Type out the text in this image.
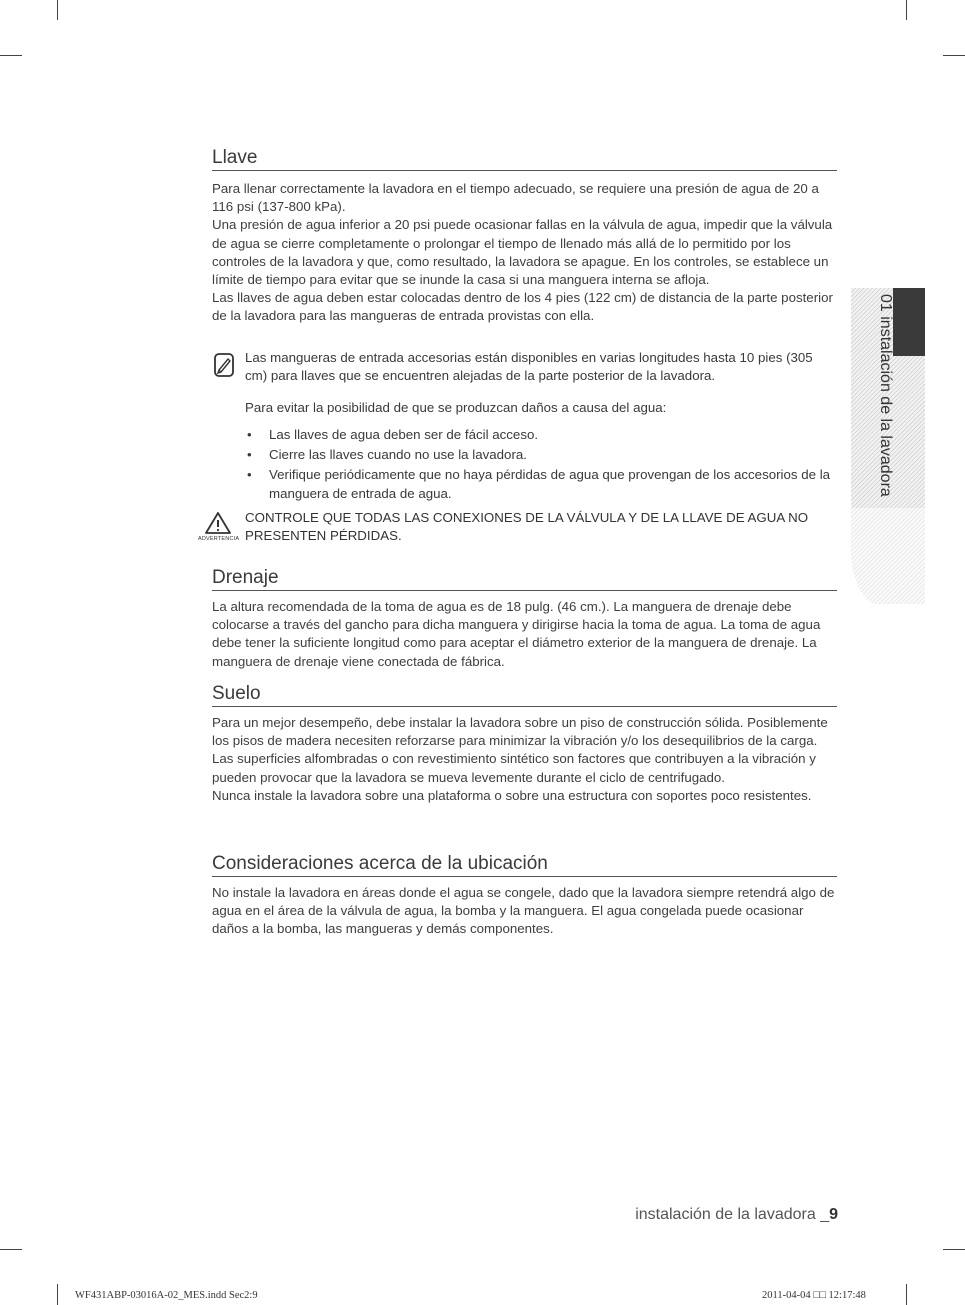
Llave

Para llenar correctamente la lavadora en el tiempo adecuado, se requiere una presión de agua de 20 a 116 psi (137-800 kPa).

Una presión de agua inferior a 20 psi puede ocasionar fallas en la válvula de agua, impedir que la válvula de agua se cierre completamente o prolongar el tiempo de llenado más allá de lo permitido por los controles de la lavadora y que, como resultado, la lavadora se apague. En los controles, se establece un límite de tiempo para evitar que se inunde la casa si una manguera interna se afloja.

Las llaves de agua deben estar colocadas dentro de los 4 pies (122 cm) de distancia de la parte posterior de la lavadora para las mangueras de entrada provistas con ella.

Las mangueras de entrada accesorias están disponibles en varias longitudes hasta 10 pies (305 cm) para llaves que se encuentren alejadas de la parte posterior de la lavadora.
Para evitar la posibilidad de que se produzcan daños a causa del agua:
• Las llaves de agua deben ser de fácil acceso.
• Cierre las llaves cuando no use la lavadora.
• Verifique periódicamente que no haya pérdidas de agua que provengan de los accesorios de la manguera de entrada de agua.
ADVERTENCIA
CONTROLE QUE TODAS LAS CONEXIONES DE LA VÁLVULA Y DE LA LLAVE DE AGUA NO PRESENTEN PÉRDIDAS.
Drenaje

La altura recomendada de la toma de agua es de 18 pulg. (46 cm.). La manguera de drenaje debe colocarse a través del gancho para dicha manguera y dirigirse hacia la toma de agua. La toma de agua debe tener la suficiente longitud como para aceptar el diámetro exterior de la manguera de drenaje. La manguera de drenaje viene conectada de fábrica.

Suelo

Para un mejor desempeño, debe instalar la lavadora sobre un piso de construcción sólida. Posiblemente los pisos de madera necesiten reforzarse para minimizar la vibración y/o los desequilibrios de la carga. Las superficies alfombradas o con revestimiento sintético son factores que contribuyen a la vibración y pueden provocar que la lavadora se mueva levemente durante el ciclo de centrifugado.

Nunca instale la lavadora sobre una plataforma o sobre una estructura con soportes poco resistentes.

Consideraciones acerca de la ubicación

No instale la lavadora en áreas donde el agua se congele, dado que la lavadora siempre retendrá algo de agua en el área de la válvula de agua, la bomba y la manguera. El agua congelada puede ocasionar daños a la bomba, las mangueras y demás componentes.

01 instalación de la lavadora
instalación de la lavadora _9
WF431ABP-03016A-02_MES.indd Sec2:9	2011-04-04 □□ 12:17:48
